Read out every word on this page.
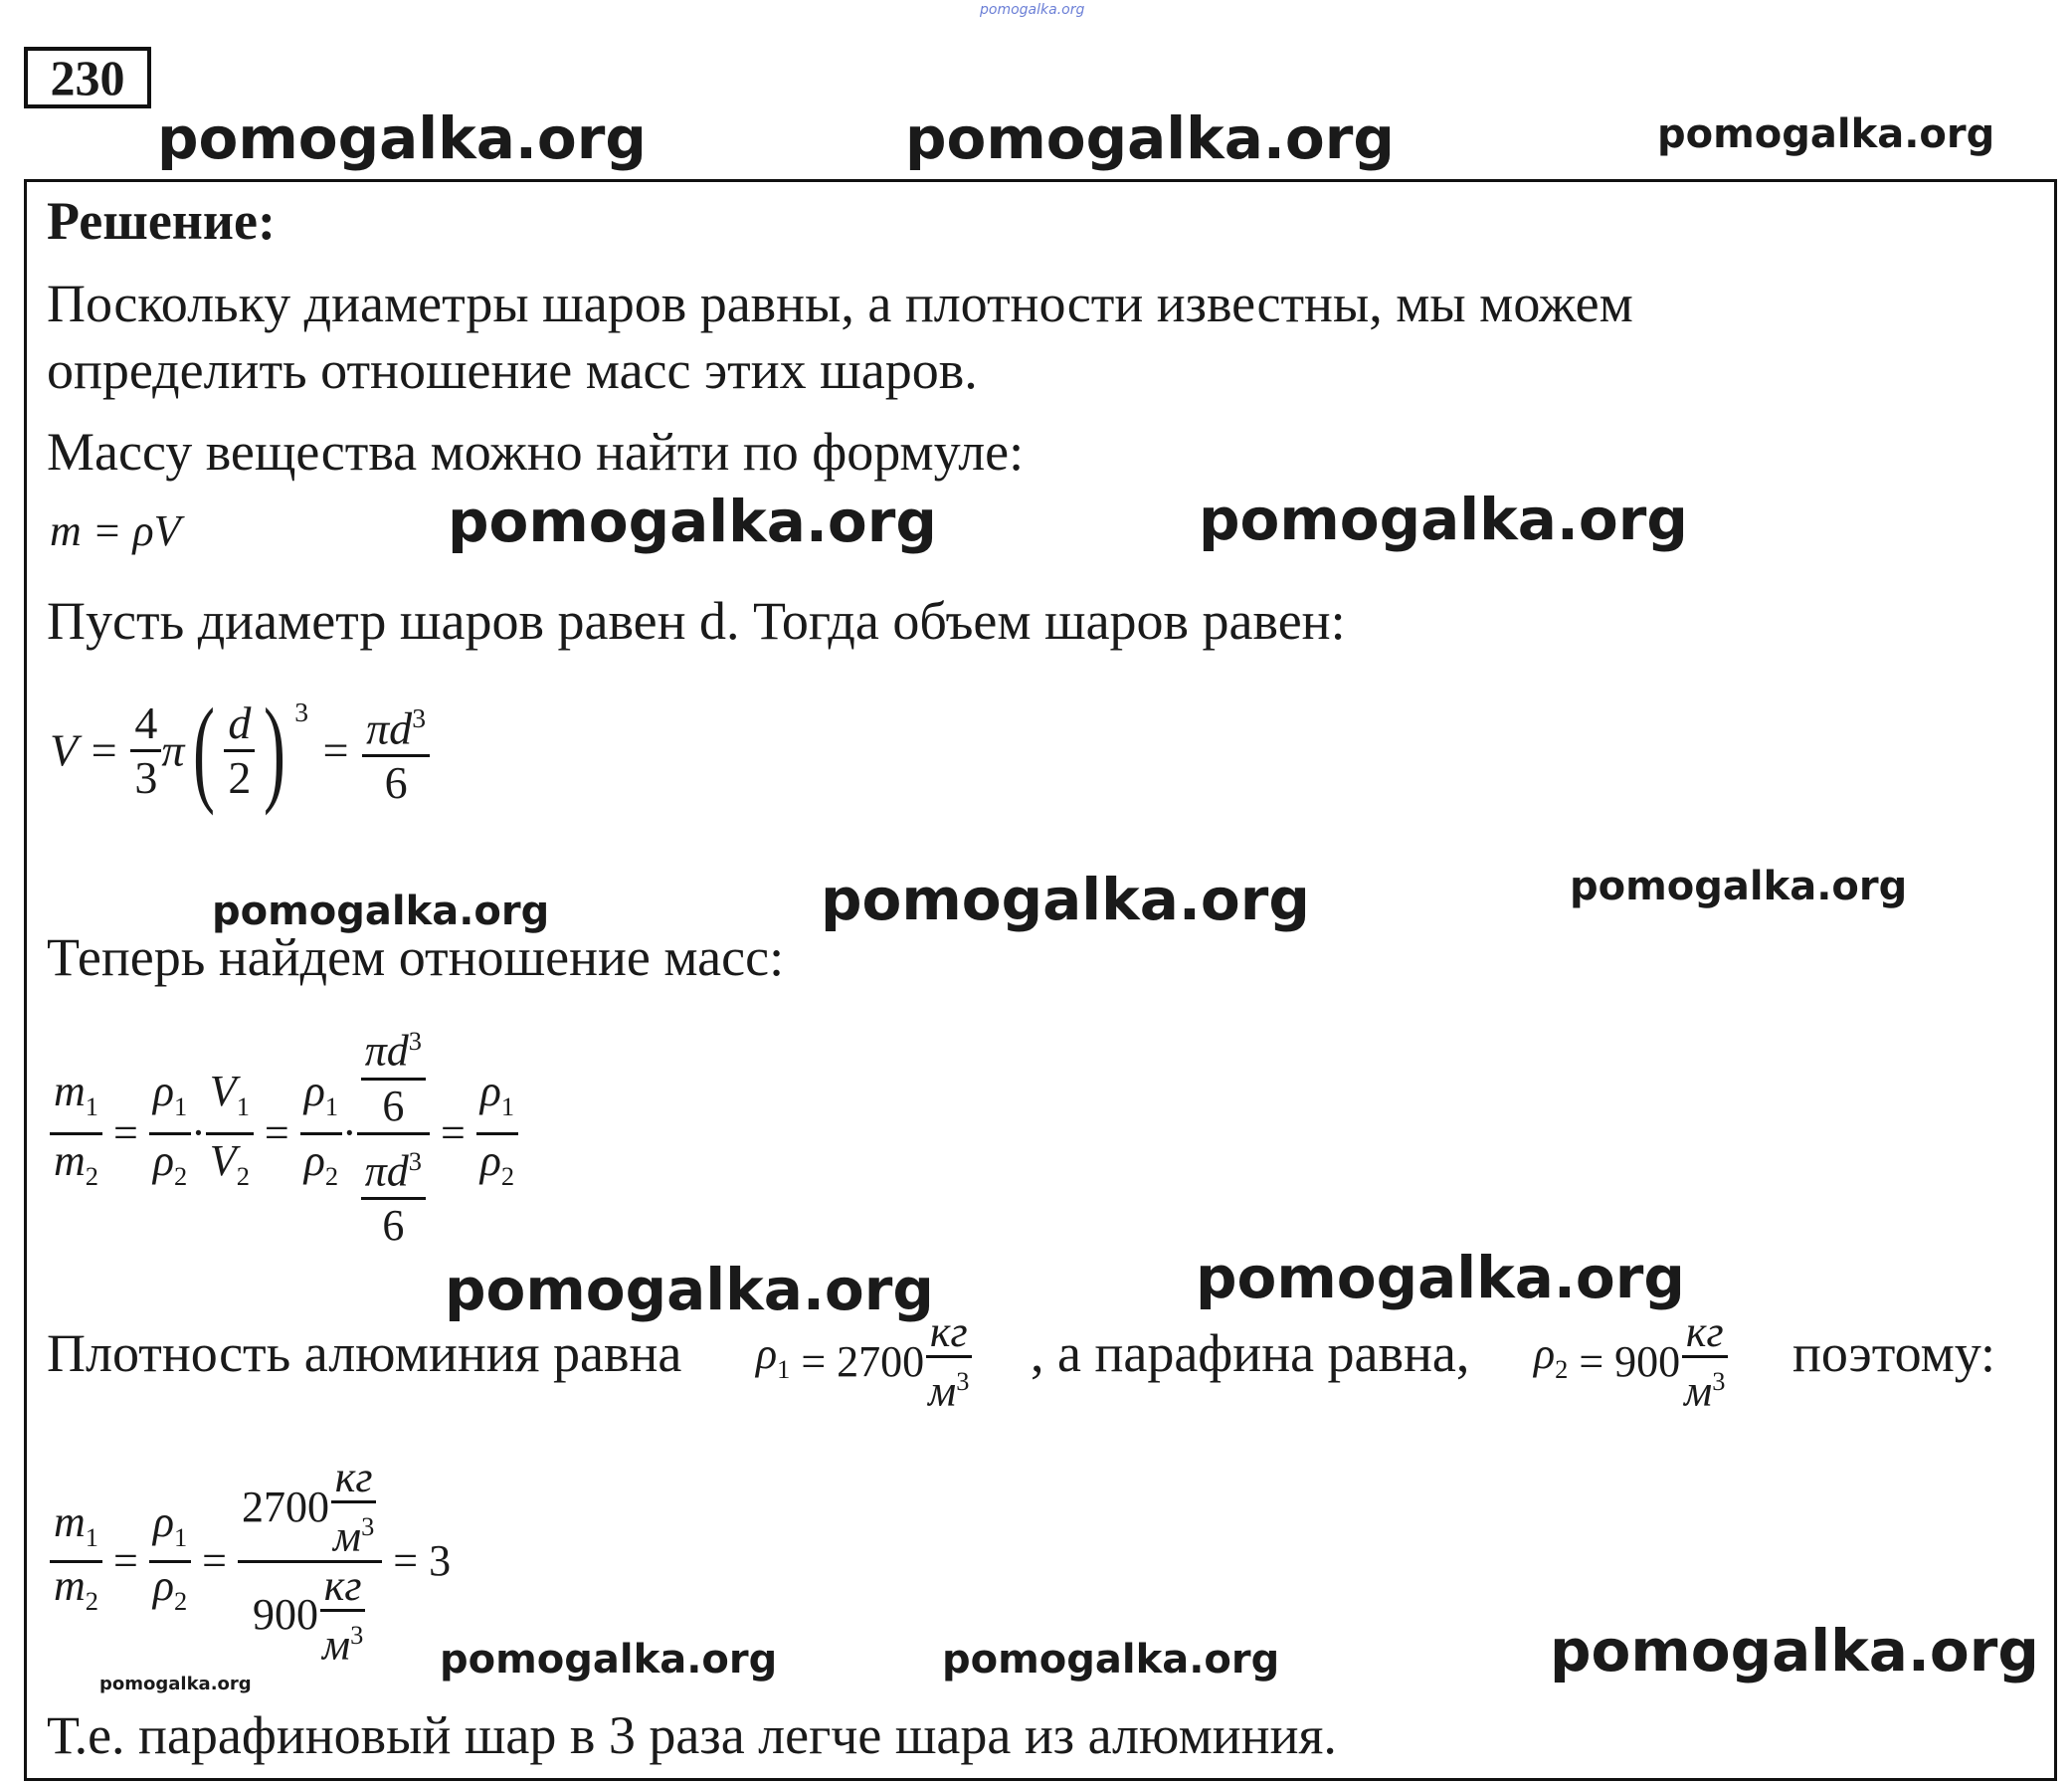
pomogalka.org
230
pomogalka.org	pomogalka.org	pomogalka.org
Решение:
Поскольку диаметры шаров равны, а плотности известны, мы можем
определить отношение масс этих шаров.
Массу вещества можно найти по формуле:
m = ρV	pomogalka.org	pomogalka.org
Пусть диаметр шаров равен d. Тогда объем шаров равен:
$V = \frac{4}{3} \pi( \frac{d}{2}$ ) $^3 = \frac{\pi d^3}{6}$
pomogalka.org	pomogalka.org	pomogalka.org
Теперь найдем отношение масс:
$\frac{m_1}{m_2} = \frac{\rho_1}{\rho_2} \cdot \frac{V_1}{V_2} = \frac{\rho_1}{\rho_2} \cdot \frac{\frac{\pi d^3}{6}}{\frac{\pi d^3}{6}} = \frac{\rho_1}{\rho_2}$
pomogalka.org	pomogalka.org
Плотность алюминия равна $\rho_1 = 2700 \frac{кг}{м^3}$ , а парафина равна, $\rho_2 = 900 \frac{кг}{м^3}$ поэтому:
$\frac{m_1}{m_2} = \frac{\rho_1}{\rho_2} = \frac{2700 \frac{кг}{м^3}}{900 \frac{кг}{м^3}} = 3$
pomogalka.org
pomogalka.org	pomogalka.org	pomogalka.org
Т.е. парафиновый шар в 3 раза легче шара из алюминия.
